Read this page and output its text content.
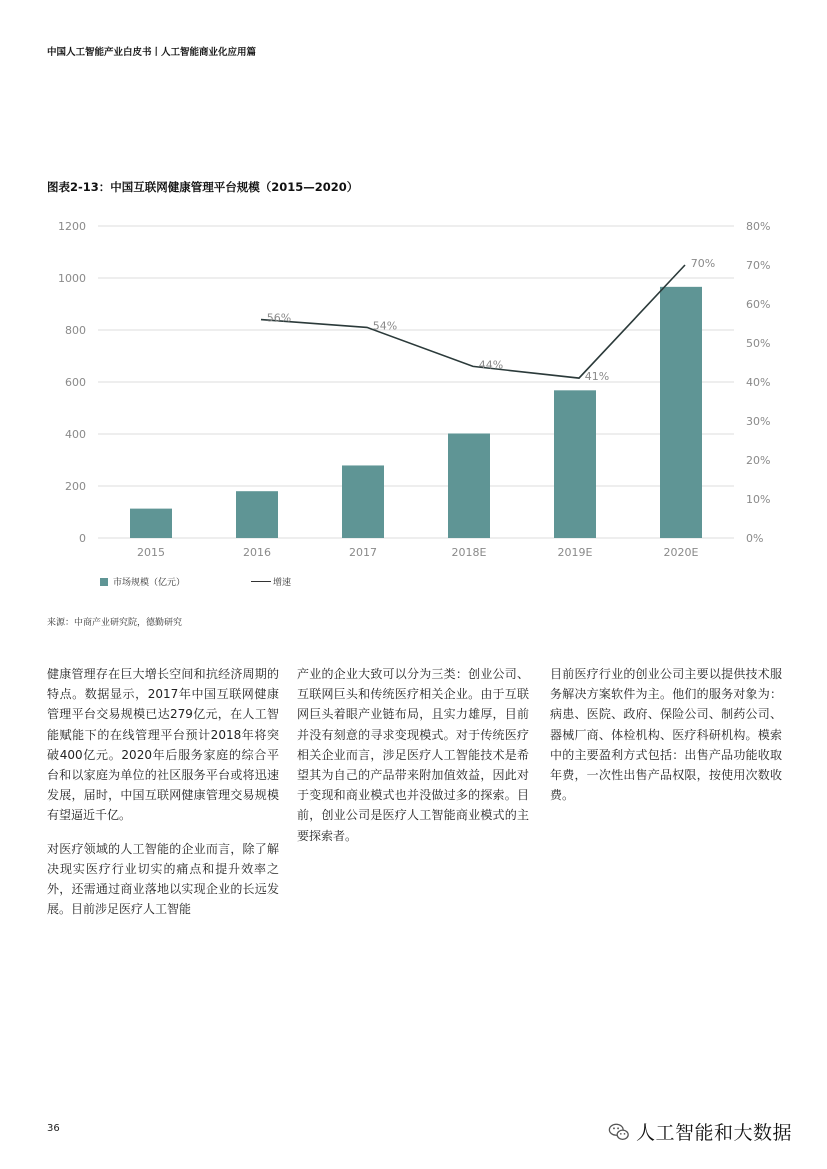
中国人工智能产业白皮书丨人工智能商业化应用篇
图表2-13：中国互联网健康管理平台规模（2015—2020）
0
200
400
600
800
1000
1200
0%
10%
20%
30%
40%
50%
60%
70%
80%
2015	2016	2017	2018E	2019E	2020E
56%
54%
44%
41%
70%
市场规模（亿元）	增速
来源：中商产业研究院，德勤研究

健康管理存在巨大增长空间和抗经济周期的特点。数据显示，2017年中国互联网健康管理平台交易规模已达279亿元，在人工智能赋能下的在线管理平台预计2018年将突破400亿元。2020年后服务家庭的综合平台和以家庭为单位的社区服务平台或将迅速发展，届时，中国互联网健康管理交易规模有望逼近千亿。

对医疗领域的人工智能的企业而言，除了解决现实医疗行业切实的痛点和提升效率之外，还需通过商业落地以实现企业的长远发展。目前涉足医疗人工智能

产业的企业大致可以分为三类：创业公司、互联网巨头和传统医疗相关企业。由于互联网巨头着眼产业链布局，且实力雄厚，目前并没有刻意的寻求变现模式。对于传统医疗相关企业而言，涉足医疗人工智能技术是希望其为自己的产品带来附加值效益，因此对于变现和商业模式也并没做过多的探索。目前，创业公司是医疗人工智能商业模式的主要探索者。

目前医疗行业的创业公司主要以提供技术服务解决方案软件为主。他们的服务对象为：病患、医院、政府、保险公司、制药公司、器械厂商、体检机构、医疗科研机构。模索中的主要盈利方式包括：出售产品功能收取年费，一次性出售产品权限，按使用次数收费。

36	人工智能和大数据
